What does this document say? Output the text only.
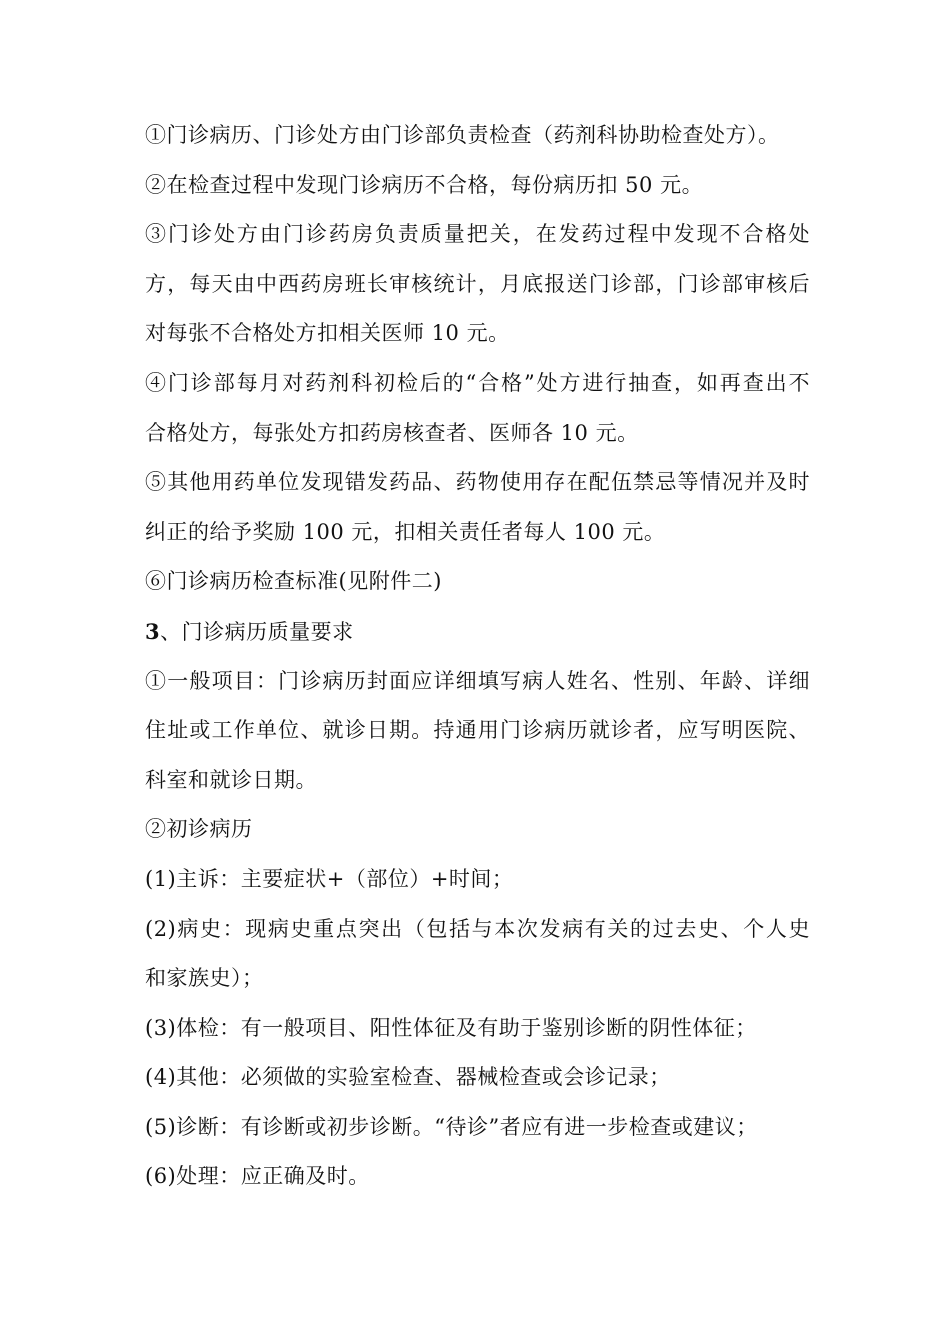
①门诊病历、门诊处方由门诊部负责检查（药剂科协助检查处方）。
②在检查过程中发现门诊病历不合格，每份病历扣 50 元。
③门诊处方由门诊药房负责质量把关，在发药过程中发现不合格处
方，每天由中西药房班长审核统计，月底报送门诊部，门诊部审核后
对每张不合格处方扣相关医师 10 元。
④门诊部每月对药剂科初检后的“合格”处方进行抽查，如再查出不
合格处方，每张处方扣药房核查者、医师各 10 元。
⑤其他用药单位发现错发药品、药物使用存在配伍禁忌等情况并及时
纠正的给予奖励 100 元，扣相关责任者每人 100 元。
⑥门诊病历检查标准(见附件二)
3、门诊病历质量要求
①一般项目：门诊病历封面应详细填写病人姓名、性别、年龄、详细
住址或工作单位、就诊日期。持通用门诊病历就诊者，应写明医院、
科室和就诊日期。
②初诊病历
(1)主诉：主要症状+（部位）+时间；
(2)病史：现病史重点突出（包括与本次发病有关的过去史、个人史
和家族史）；
(3)体检：有一般项目、阳性体征及有助于鉴别诊断的阴性体征；
(4)其他：必须做的实验室检查、器械检查或会诊记录；
(5)诊断：有诊断或初步诊断。“待诊”者应有进一步检查或建议；
(6)处理：应正确及时。
